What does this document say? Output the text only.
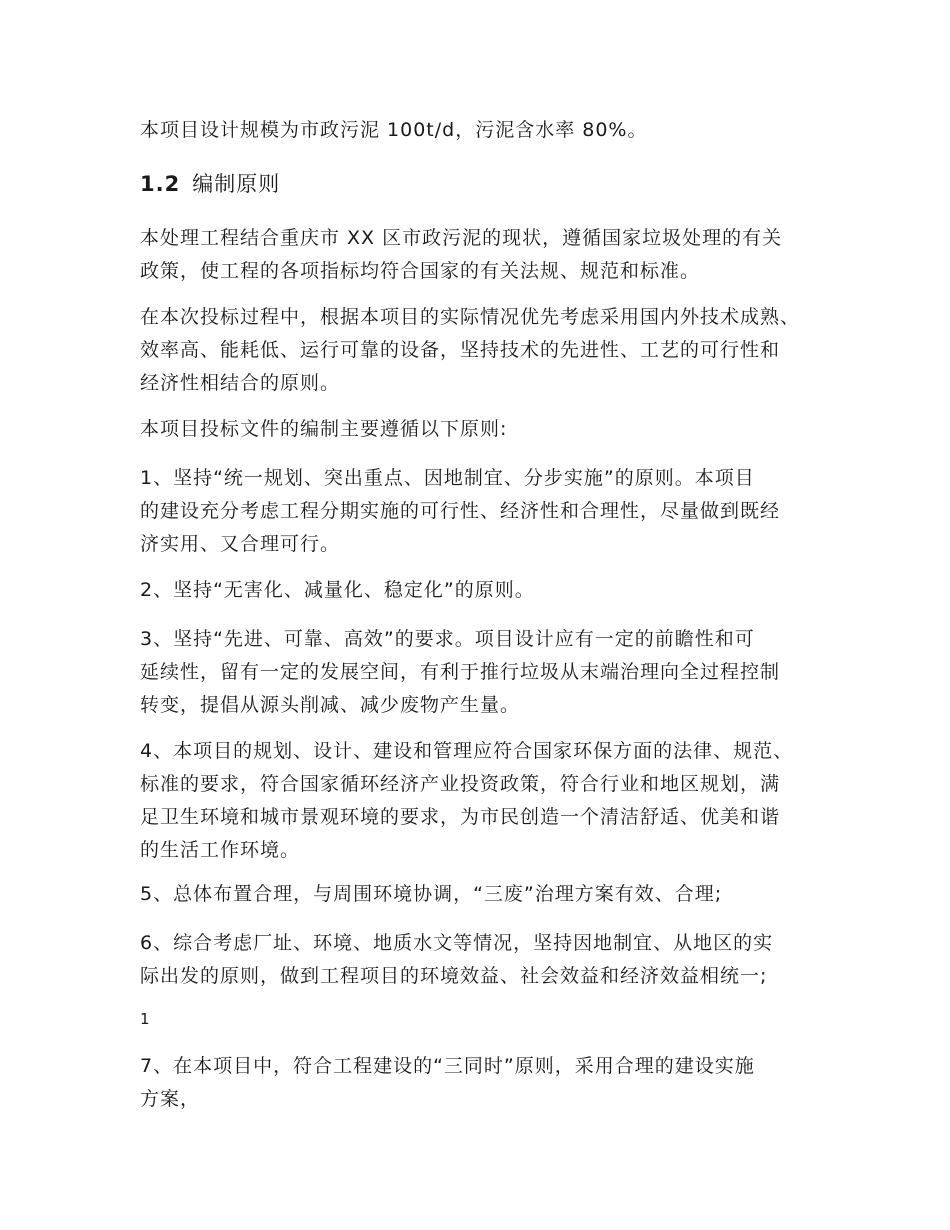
本项目设计规模为市政污泥 100t/d，污泥含水率 80%。

1.2 编制原则

本处理工程结合重庆市 XX 区市政污泥的现状，遵循国家垃圾处理的有关
政策，使工程的各项指标均符合国家的有关法规、规范和标准。

在本次投标过程中，根据本项目的实际情况优先考虑采用国内外技术成熟、
效率高、能耗低、运行可靠的设备，坚持技术的先进性、工艺的可行性和
经济性相结合的原则。

本项目投标文件的编制主要遵循以下原则:

1、坚持“统一规划、突出重点、因地制宜、分步实施”的原则。本项目
的建设充分考虑工程分期实施的可行性、经济性和合理性，尽量做到既经
济实用、又合理可行。

2、坚持“无害化、减量化、稳定化”的原则。

3、坚持“先进、可靠、高效”的要求。项目设计应有一定的前瞻性和可
延续性，留有一定的发展空间，有利于推行垃圾从末端治理向全过程控制
转变，提倡从源头削减、减少废物产生量。

4、本项目的规划、设计、建设和管理应符合国家环保方面的法律、规范、
标准的要求，符合国家循环经济产业投资政策，符合行业和地区规划，满
足卫生环境和城市景观环境的要求，为市民创造一个清洁舒适、优美和谐
的生活工作环境。

5、总体布置合理，与周围环境协调，“三废”治理方案有效、合理;

6、综合考虑厂址、环境、地质水文等情况，坚持因地制宜、从地区的实
际出发的原则，做到工程项目的环境效益、社会效益和经济效益相统一;

1

7、在本项目中，符合工程建设的“三同时”原则，采用合理的建设实施
方案，
